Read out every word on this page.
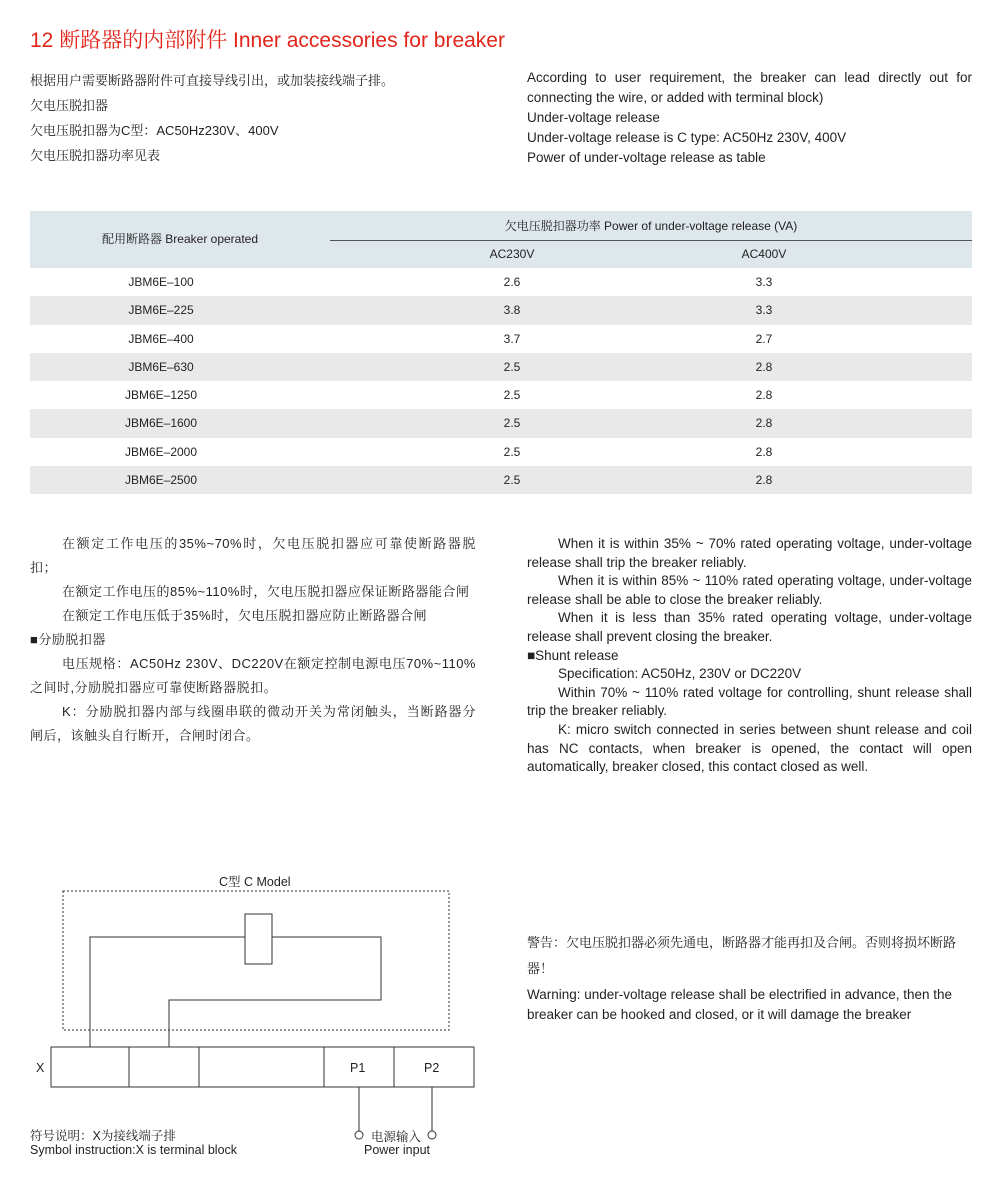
12 断路器的内部附件 Inner accessories for breaker
根据用户需要断路器附件可直接导线引出，或加装接线端子排。
欠电压脱扣器
欠电压脱扣器为C型：AC50Hz230V、400V
欠电压脱扣器功率见表
According to user requirement, the breaker can lead directly out for connecting the wire, or added with terminal block)
Under-voltage release
Under-voltage release is C type: AC50Hz 230V, 400V
Power of under-voltage release as table
配用断路器 Breaker operated
欠电压脱扣器功率 Power of under-voltage release (VA)
AC230V	AC400V
JBM6E–100	2.6	3.3
JBM6E–225	3.8	3.3
JBM6E–400	3.7	2.7
JBM6E–630	2.5	2.8
JBM6E–1250	2.5	2.8
JBM6E–1600	2.5	2.8
JBM6E–2000	2.5	2.8
JBM6E–2500	2.5	2.8
在额定工作电压的35%~70%时，欠电压脱扣器应可靠使断路器脱扣；
在额定工作电压的85%~110%时，欠电压脱扣器应保证断路器能合闸
在额定工作电压低于35%时，欠电压脱扣器应防止断路器合闸
■分励脱扣器
电压规格：AC50Hz 230V、DC220V在额定控制电源电压70%~110%之间时,分励脱扣器应可靠使断路器脱扣。
K：分励脱扣器内部与线圈串联的微动开关为常闭触头，当断路器分闸后，该触头自行断开，合闸时闭合。
When it is within 35% ~ 70% rated operating voltage, under-voltage release shall trip the breaker reliably.
When it is within 85% ~ 110% rated operating voltage, under-voltage release shall be able to close the breaker reliably.
When it is less than 35% rated operating voltage, under-voltage release shall prevent closing the breaker.
■Shunt release
Specification: AC50Hz, 230V or DC220V
Within 70% ~ 110% rated voltage for controlling, shunt release shall trip the breaker reliably.
K: micro switch connected in series between shunt release and coil has NC contacts, when breaker is opened, the contact will open automatically, breaker closed, this contact closed as well.
警告：欠电压脱扣器必须先通电，断路器才能再扣及合闸。否则将损坏断路器！
Warning: under-voltage release shall be electrified in advance, then the breaker can be hooked and closed, or it will damage the breaker
C型 C Model
X	P1	P2
电源输入
Power input
符号说明：X为接线端子排
Symbol instruction:X is terminal block
